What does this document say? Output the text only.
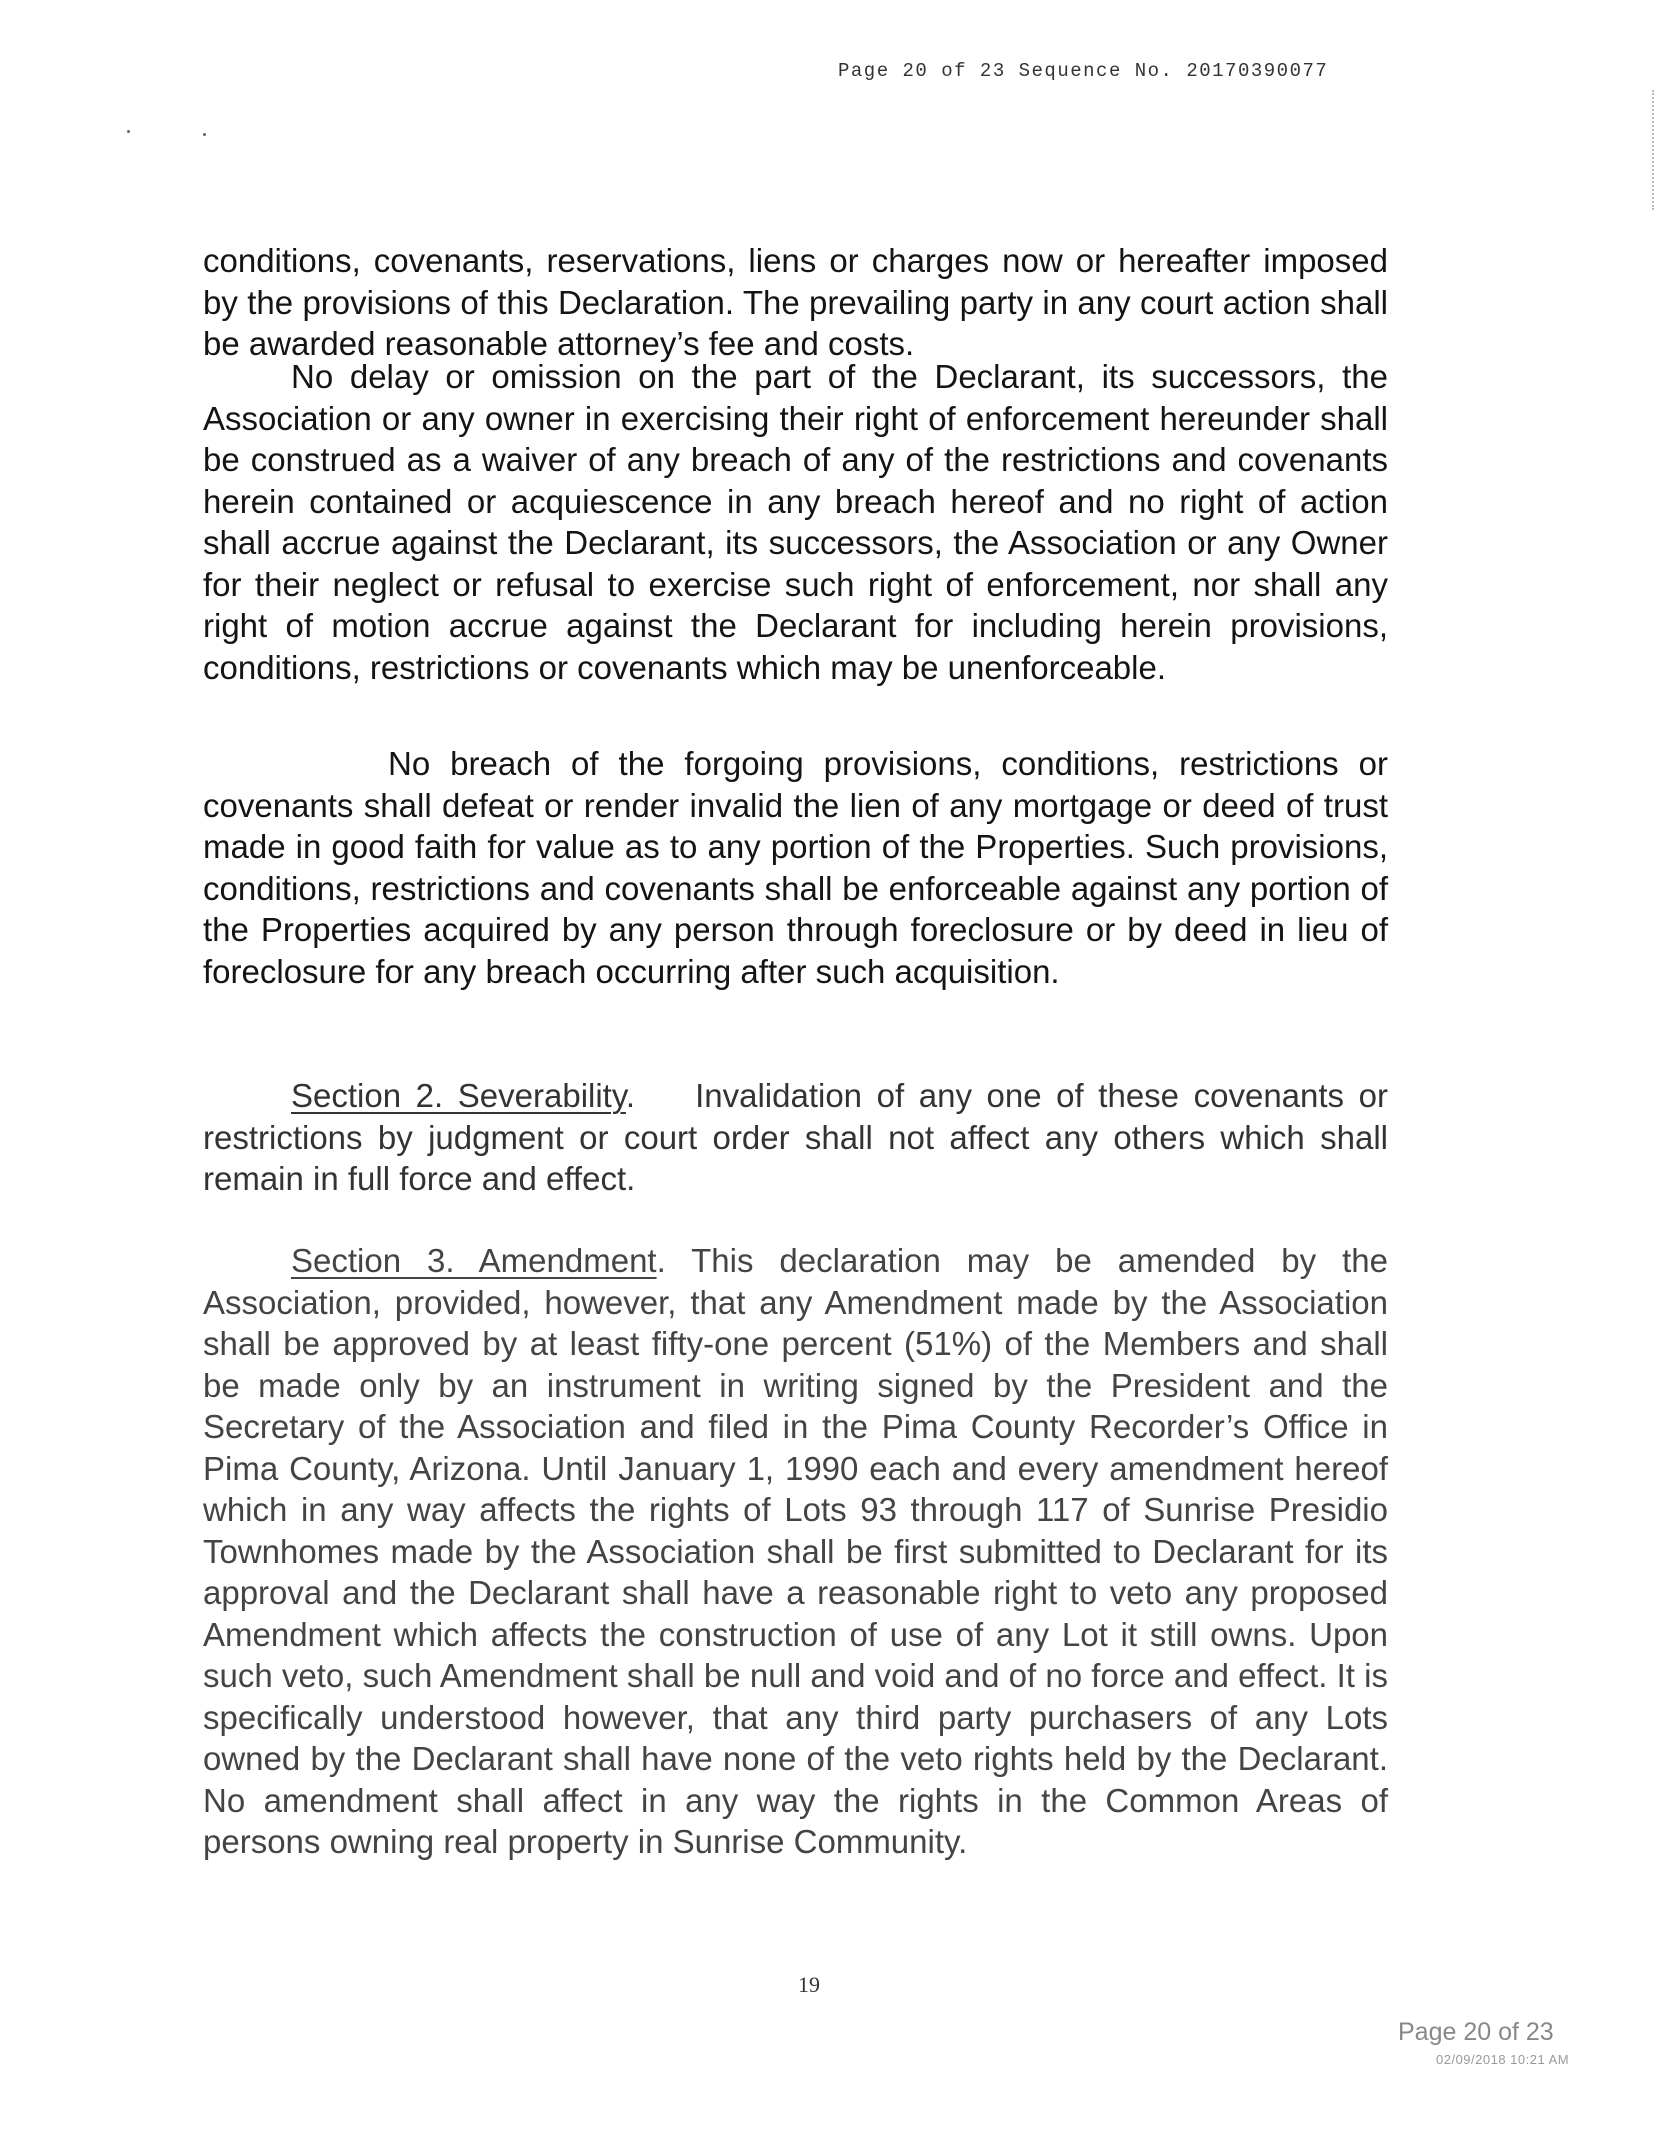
Page 20 of 23 Sequence No. 20170390077

conditions, covenants, reservations, liens or charges now or hereafter imposed by the provisions of this Declaration. The prevailing party in any court action shall be awarded reasonable attorney’s fee and costs.

No delay or omission on the part of the Declarant, its successors, the Association or any owner in exercising their right of enforcement hereunder shall be construed as a waiver of any breach of any of the restrictions and covenants herein contained or acquiescence in any breach hereof and no right of action shall accrue against the Declarant, its successors, the Association or any Owner for their neglect or refusal to exercise such right of enforcement, nor shall any right of motion accrue against the Declarant for including herein provisions, conditions, restrictions or covenants which may be unenforceable.

No breach of the forgoing provisions, conditions, restrictions or covenants shall defeat or render invalid the lien of any mortgage or deed of trust made in good faith for value as to any portion of the Properties. Such provisions, conditions, restrictions and covenants shall be enforceable against any portion of the Properties acquired by any person through foreclosure or by deed in lieu of foreclosure for any breach occurring after such acquisition.

Section 2. Severability. Invalidation of any one of these covenants or restrictions by judgment or court order shall not affect any others which shall remain in full force and effect.

Section 3. Amendment. This declaration may be amended by the Association, provided, however, that any Amendment made by the Association shall be approved by at least fifty-one percent (51%) of the Members and shall be made only by an instrument in writing signed by the President and the Secretary of the Association and filed in the Pima County Recorder’s Office in Pima County, Arizona. Until January 1, 1990 each and every amendment hereof which in any way affects the rights of Lots 93 through 117 of Sunrise Presidio Townhomes made by the Association shall be first submitted to Declarant for its approval and the Declarant shall have a reasonable right to veto any proposed Amendment which affects the construction of use of any Lot it still owns. Upon such veto, such Amendment shall be null and void and of no force and effect. It is specifically understood however, that any third party purchasers of any Lots owned by the Declarant shall have none of the veto rights held by the Declarant. No amendment shall affect in any way the rights in the Common Areas of persons owning real property in Sunrise Community.

19
Page 20 of 23
02/09/2018 10:21 AM
